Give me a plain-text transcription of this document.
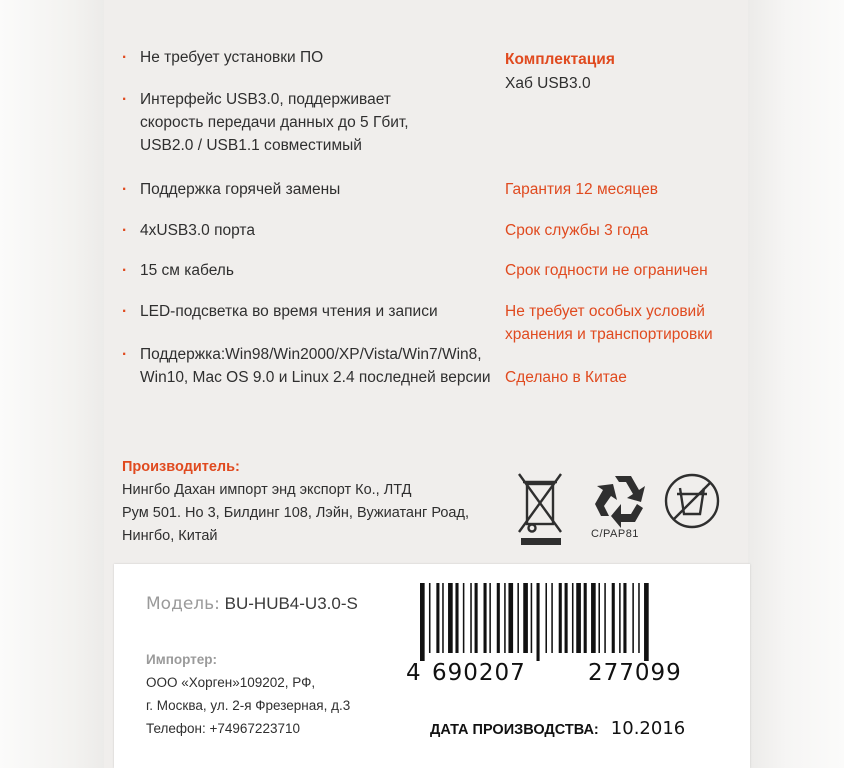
· Не требует установки ПО
· Интерфейс USB3.0, поддерживает скорость передачи данных до 5 Гбит, USB2.0 / USB1.1 совместимый
· Поддержка горячей замены
· 4xUSB3.0 порта
· 15 см кабель
· LED-подсветка во время чтения и записи
· Поддержка:Win98/Win2000/XP/Vista/Win7/Win8, Win10, Mac OS 9.0 и Linux 2.4 последней версии
Комплектация
Хаб USB3.0
Гарантия 12 месяцев
Срок службы 3 года
Срок годности не ограничен
Не требует особых условий хранения и транспортировки
Сделано в Китае
Производитель:
Нингбо Дахан импорт энд экспорт Ко., ЛТД
Рум 501. Но 3, Билдинг 108, Лэйн, Вужиатанг Роад,
Нингбо, Китай	C/PAP81
Модель: BU-HUB4-U3.0-S
Импортер:
ООО «Хорген»109202, РФ,
г. Москва, ул. 2-я Фрезерная, д.3
Телефон: +74967223710
4 690207	277099
ДАТА ПРОИЗВОДСТВА: 10.2016
